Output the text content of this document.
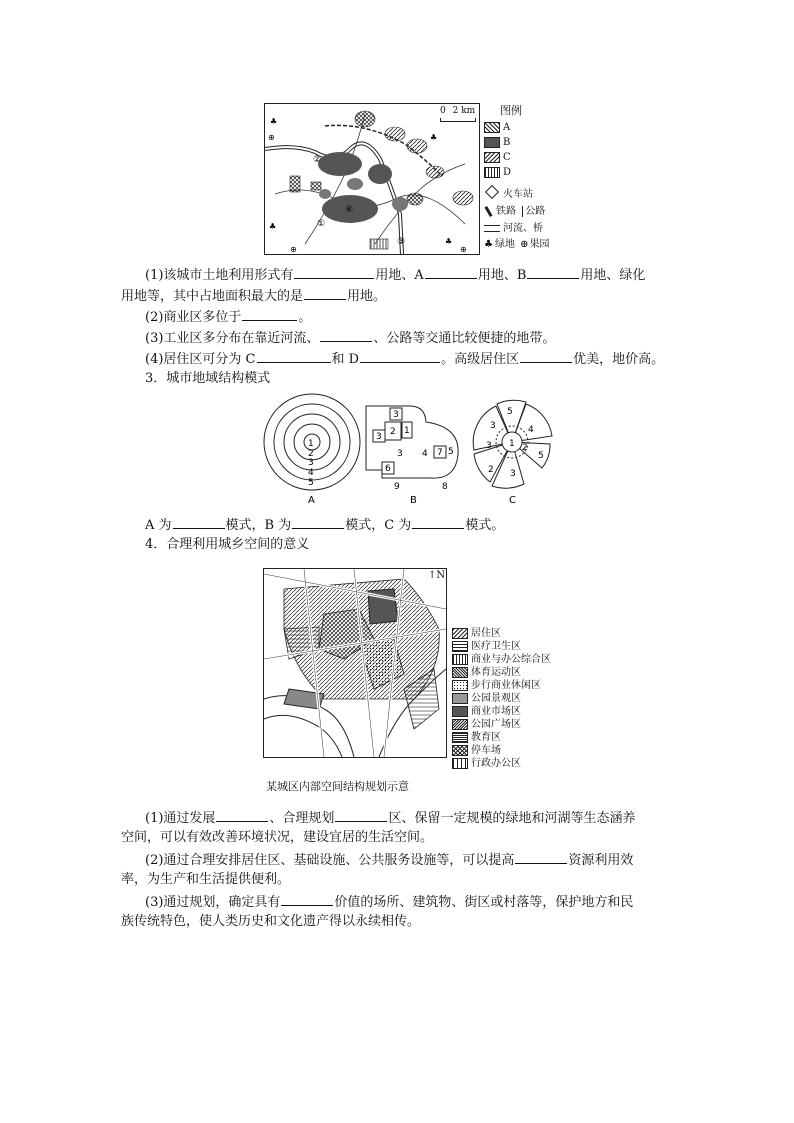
②
④
①
③
♣
⊕
♣
⊕
♣
⊕
♣
0 2 km 图例
A
B
C
D
火车站
铁路 公路
河流、桥
♣ 绿地 ⊕果园
(1)该城市土地利用形式有	用地、A	用地、B	用地、绿化
用地等，其中占地面积最大的是	用地。
(2)商业区多位于	。
(3)工业区多分布在靠近河流、	、公路等交通比较便捷的地带。
(4)居住区可分为 C	和 D	。高级居住区	优美，地价高。
3．城市地域结构模式
1
2
3
4
5
A
3
2 1
3
3 4 7 5
6
9	8
B
5
3	4
3 1 2
5
2 3
C
A 为	模式，B 为	模式，C 为	模式。
4．合理利用城乡空间的意义
↑N
居住区
医疗卫生区
商业与办公综合区
体育运动区
步行商业休闲区
公园景观区
商业市场区
公园广场区
教育区
停车场
行政办公区
某城区内部空间结构规划示意
(1)通过发展	、合理规划	区、保留一定规模的绿地和河湖等生态涵养
空间，可以有效改善环境状况，建设宜居的生活空间。
(2)通过合理安排居住区、基础设施、公共服务设施等，可以提高	资源利用效
率，为生产和生活提供便利。
(3)通过规划，确定具有	价值的场所、建筑物、街区或村落等，保护地方和民
族传统特色，使人类历史和文化遗产得以永续相传。
